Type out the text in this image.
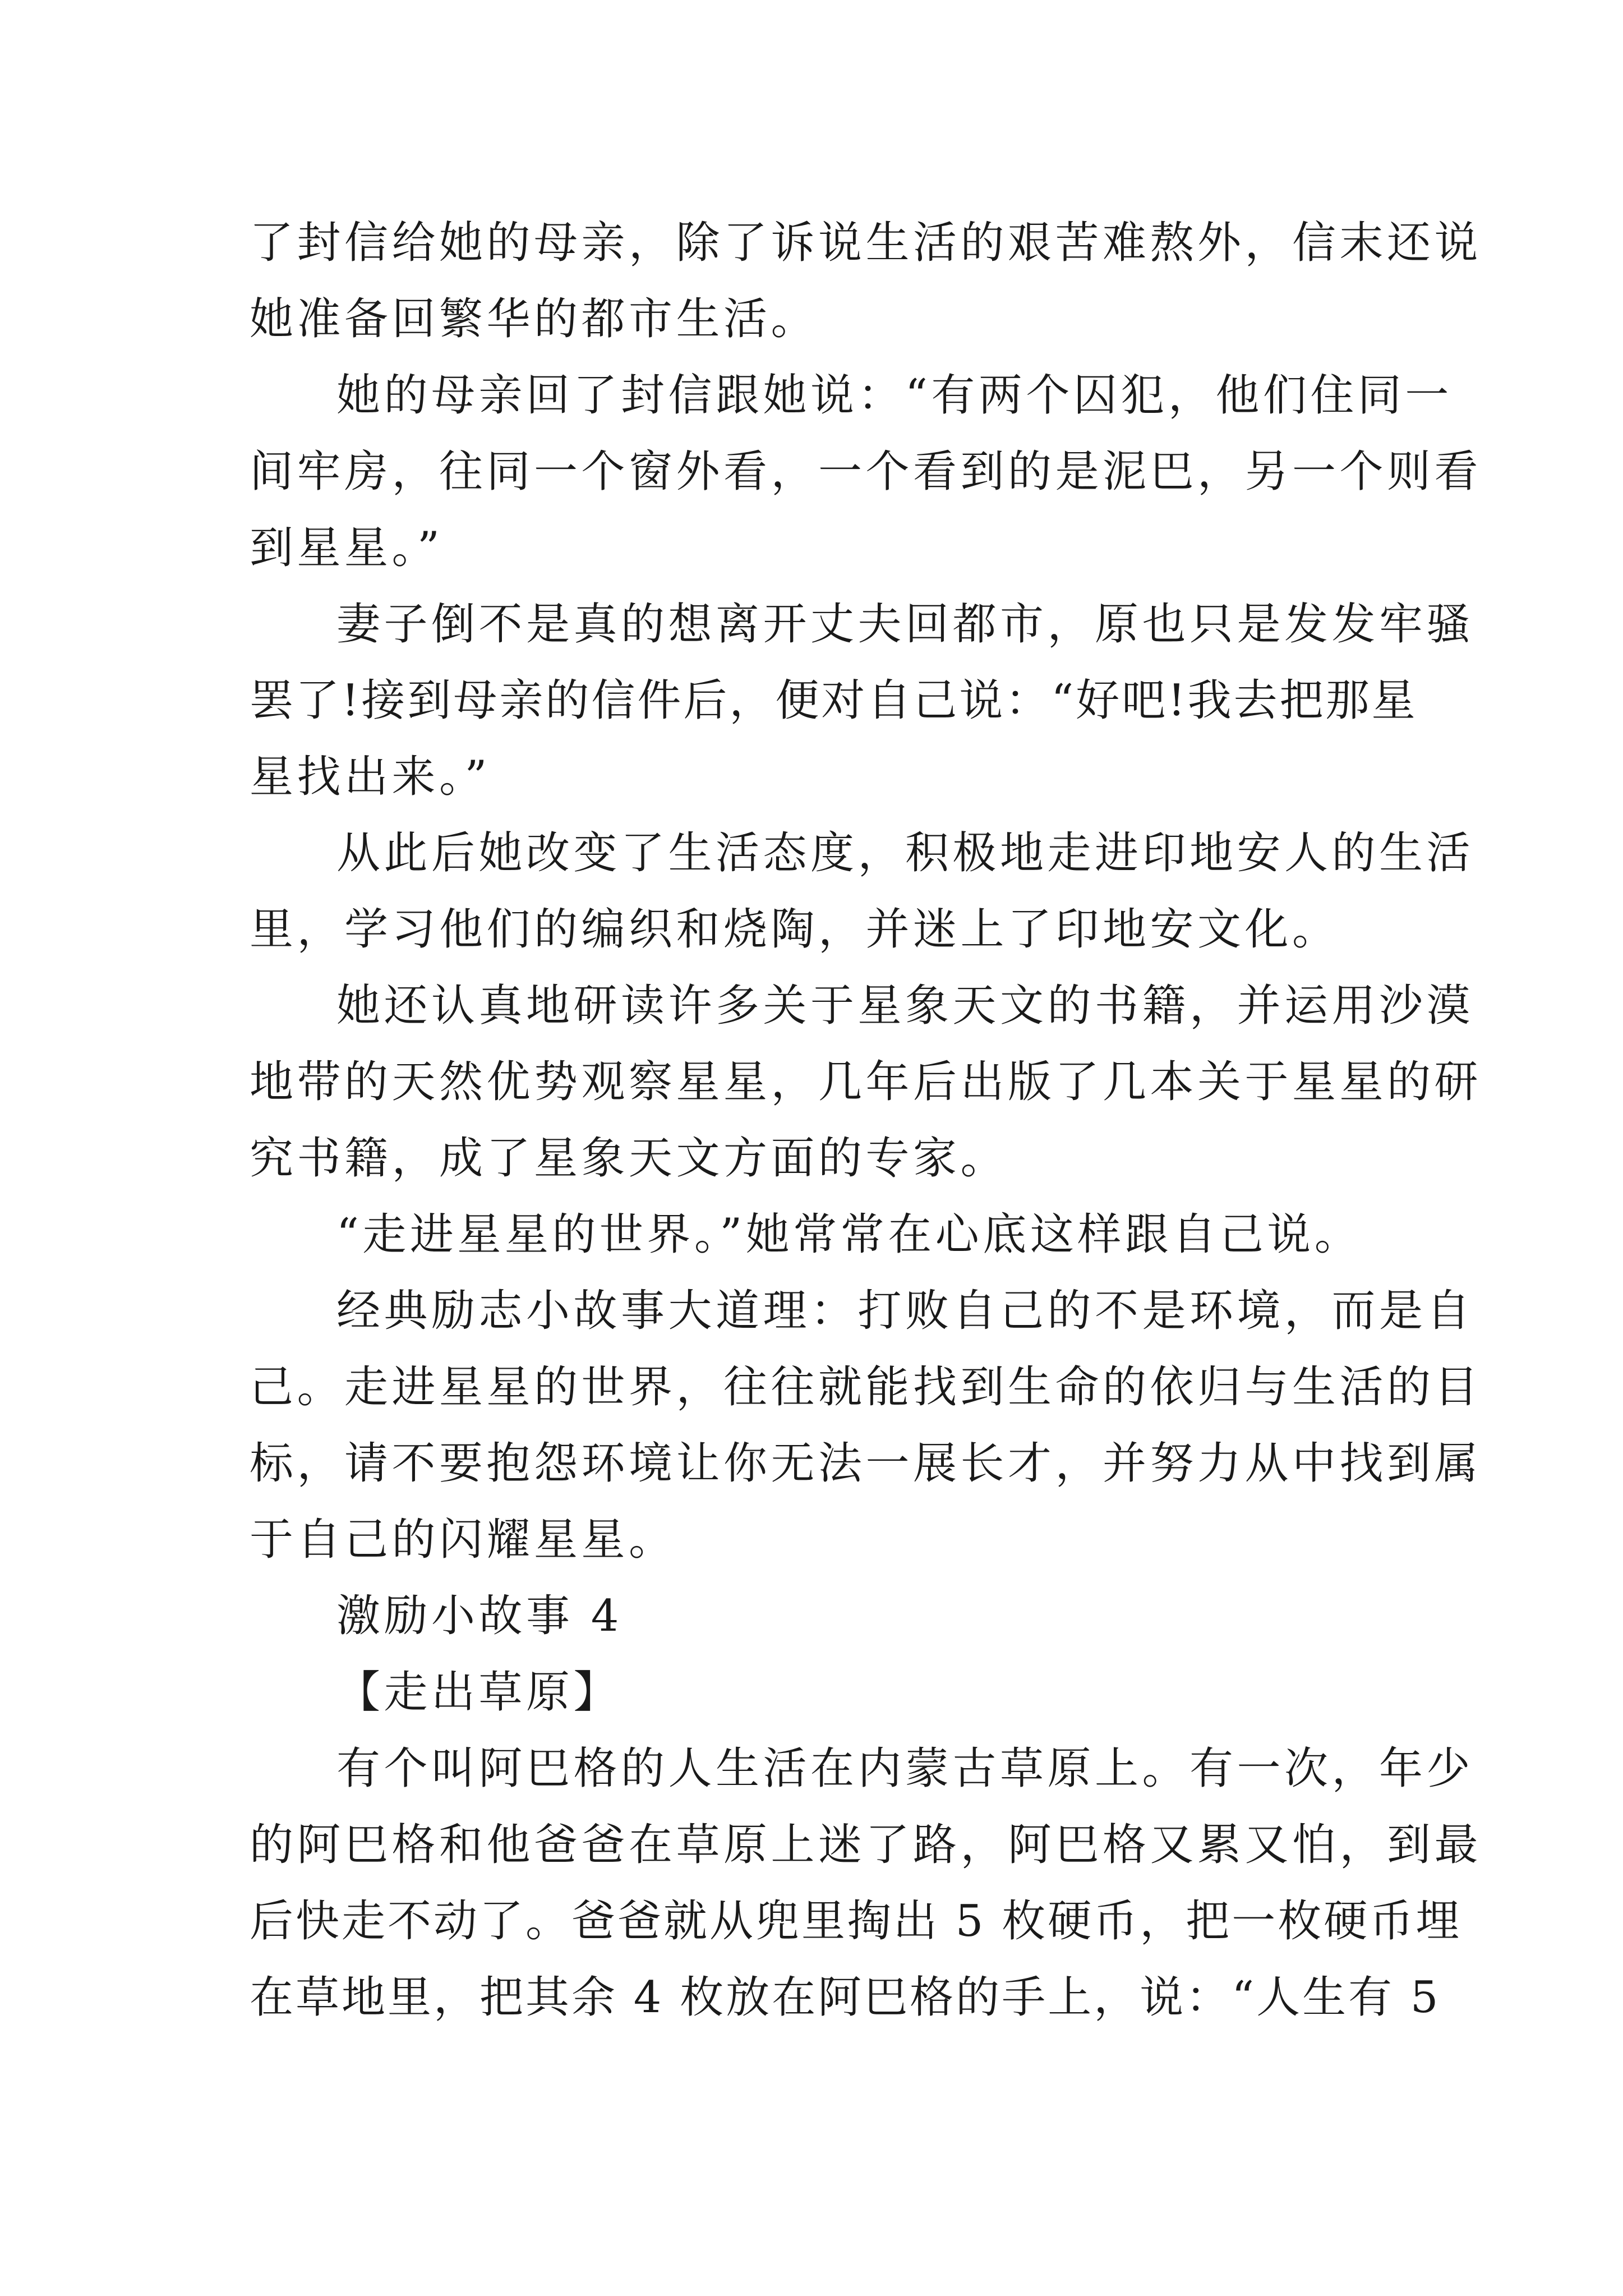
了封信给她的母亲，除了诉说生活的艰苦难熬外，信末还说

她准备回繁华的都市生活。

她的母亲回了封信跟她说：“有两个囚犯，他们住同一

间牢房，往同一个窗外看，一个看到的是泥巴，另一个则看

到星星。”

妻子倒不是真的想离开丈夫回都市，原也只是发发牢骚

罢了!接到母亲的信件后，便对自己说：“好吧!我去把那星

星找出来。”

从此后她改变了生活态度，积极地走进印地安人的生活

里，学习他们的编织和烧陶，并迷上了印地安文化。

她还认真地研读许多关于星象天文的书籍，并运用沙漠

地带的天然优势观察星星，几年后出版了几本关于星星的研

究书籍，成了星象天文方面的专家。

“走进星星的世界。”她常常在心底这样跟自己说。

经典励志小故事大道理：打败自己的不是环境，而是自

己。走进星星的世界，往往就能找到生命的依归与生活的目

标，请不要抱怨环境让你无法一展长才，并努力从中找到属

于自己的闪耀星星。

激励小故事 4

【走出草原】

有个叫阿巴格的人生活在内蒙古草原上。有一次，年少

的阿巴格和他爸爸在草原上迷了路，阿巴格又累又怕，到最

后快走不动了。爸爸就从兜里掏出 5 枚硬币，把一枚硬币埋

在草地里，把其余 4 枚放在阿巴格的手上，说：“人生有 5
